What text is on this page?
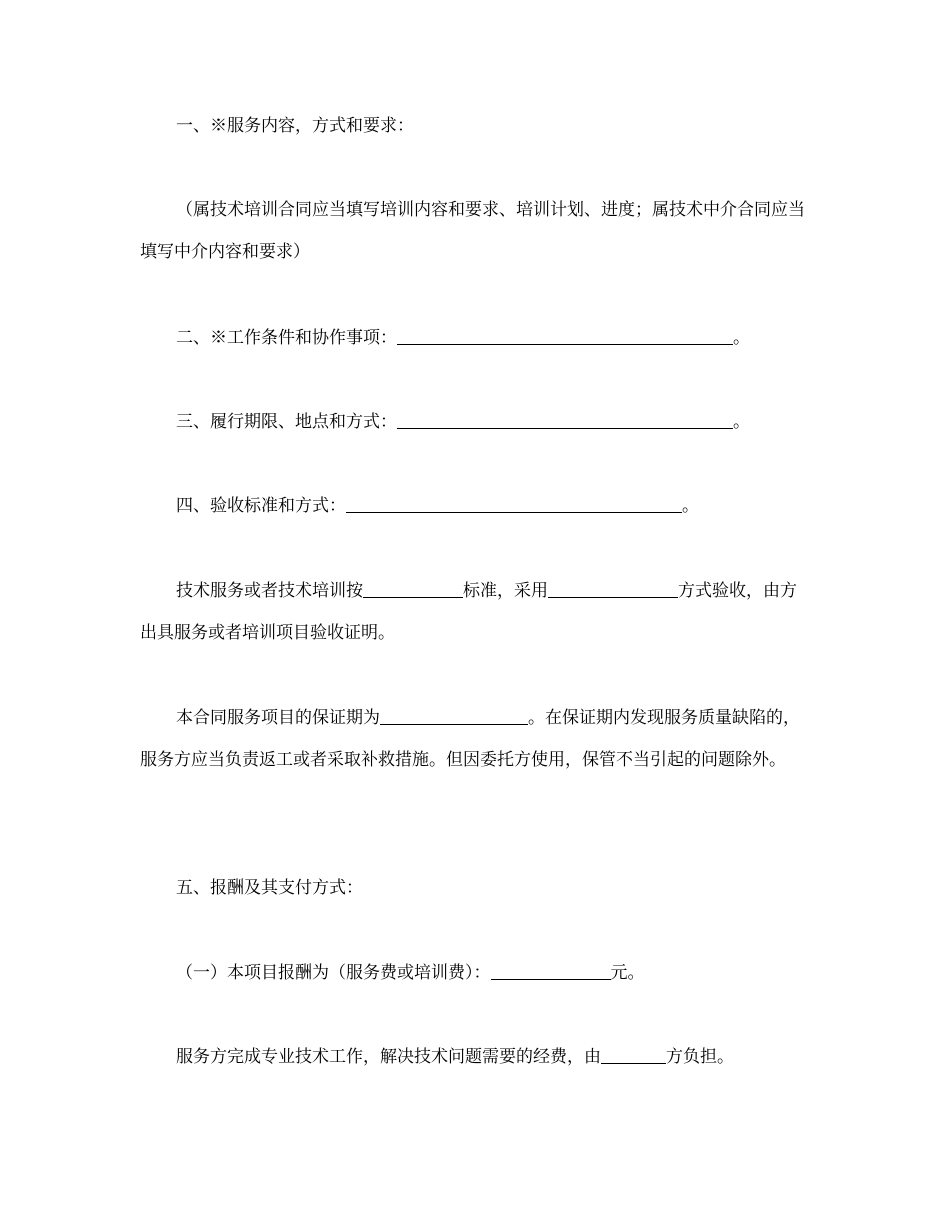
一、※服务内容，方式和要求：

（属技术培训合同应当填写培训内容和要求、培训计划、进度；属技术中介合同应当填写中介内容和要求）

二、※工作条件和协作事项：	。

三、履行期限、地点和方式：	。

四、验收标准和方式：	。

技术服务或者技术培训按	标准，采用	方式验收，由方出具服务或者培训项目验收证明。

本合同服务项目的保证期为	。在保证期内发现服务质量缺陷的，服务方应当负责返工或者采取补救措施。但因委托方使用，保管不当引起的问题除外。

五、报酬及其支付方式：

（一）本项目报酬为（服务费或培训费）：	元。

服务方完成专业技术工作，解决技术问题需要的经费，由	方负担。
